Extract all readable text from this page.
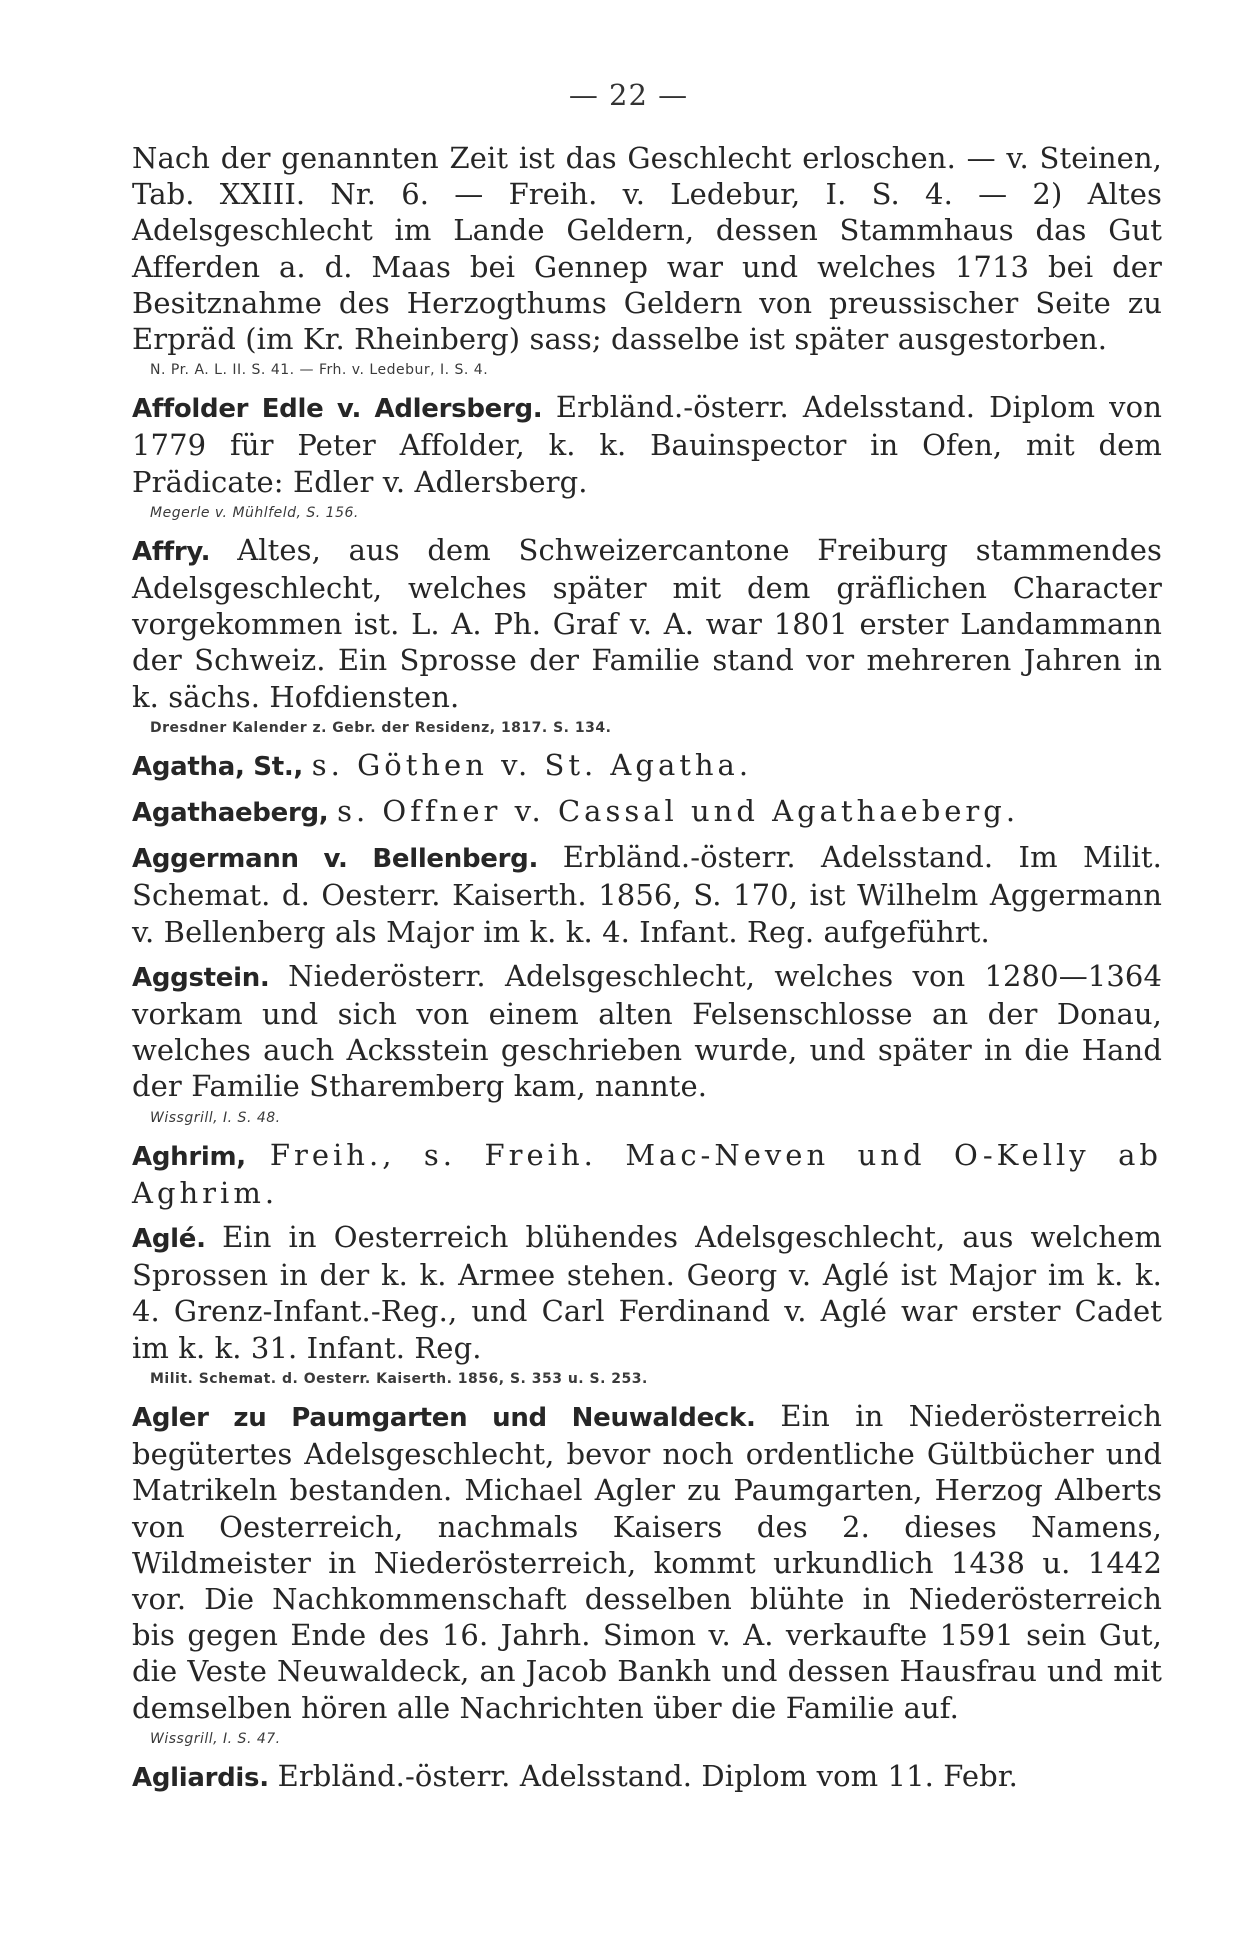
— 22 —

Nach der genannten Zeit ist das Geschlecht erloschen. — v. Steinen, Tab. XXIII. Nr. 6. — Freih. v. Ledebur, I. S. 4. — 2) Altes Adelsgeschlecht im Lande Geldern, dessen Stammhaus das Gut Afferden a. d. Maas bei Gennep war und welches 1713 bei der Besitznahme des Herzogthums Geldern von preussischer Seite zu Erpräd (im Kr. Rheinberg) sass; dasselbe ist später ausgestorben.

N. Pr. A. L. II. S. 41. — Frh. v. Ledebur, I. S. 4.

Affolder Edle v. Adlersberg. Erbländ.-österr. Adelsstand. Diplom von 1779 für Peter Affolder, k. k. Bauinspector in Ofen, mit dem Prädicate: Edler v. Adlersberg.

Megerle v. Mühlfeld, S. 156.

Affry. Altes, aus dem Schweizercantone Freiburg stammendes Adelsgeschlecht, welches später mit dem gräflichen Character vorgekommen ist. L. A. Ph. Graf v. A. war 1801 erster Landammann der Schweiz. Ein Sprosse der Familie stand vor mehreren Jahren in k. sächs. Hofdiensten.

Dresdner Kalender z. Gebr. der Residenz, 1817. S. 134.

Agatha, St., s. Göthen v. St. Agatha.

Agathaeberg, s. Offner v. Cassal und Agathaeberg.

Aggermann v. Bellenberg. Erbländ.-österr. Adelsstand. Im Milit. Schemat. d. Oesterr. Kaiserth. 1856, S. 170, ist Wilhelm Aggermann v. Bellenberg als Major im k. k. 4. Infant. Reg. aufgeführt.

Aggstein. Niederösterr. Adelsgeschlecht, welches von 1280—1364 vorkam und sich von einem alten Felsenschlosse an der Donau, welches auch Acksstein geschrieben wurde, und später in die Hand der Familie Stharemberg kam, nannte.

Wissgrill, I. S. 48.

Aghrim, Freih., s. Freih. Mac-Neven und O-Kelly ab Aghrim.

Aglé. Ein in Oesterreich blühendes Adelsgeschlecht, aus welchem Sprossen in der k. k. Armee stehen. Georg v. Aglé ist Major im k. k. 4. Grenz-Infant.-Reg., und Carl Ferdinand v. Aglé war erster Cadet im k. k. 31. Infant. Reg.

Milit. Schemat. d. Oesterr. Kaiserth. 1856, S. 353 u. S. 253.

Agler zu Paumgarten und Neuwaldeck. Ein in Niederösterreich begütertes Adelsgeschlecht, bevor noch ordentliche Gültbücher und Matrikeln bestanden. Michael Agler zu Paumgarten, Herzog Alberts von Oesterreich, nachmals Kaisers des 2. dieses Namens, Wildmeister in Niederösterreich, kommt urkundlich 1438 u. 1442 vor. Die Nachkommenschaft desselben blühte in Niederösterreich bis gegen Ende des 16. Jahrh. Simon v. A. verkaufte 1591 sein Gut, die Veste Neuwaldeck, an Jacob Bankh und dessen Hausfrau und mit demselben hören alle Nachrichten über die Familie auf.

Wissgrill, I. S. 47.

Agliardis. Erbländ.-österr. Adelsstand. Diplom vom 11. Febr.
